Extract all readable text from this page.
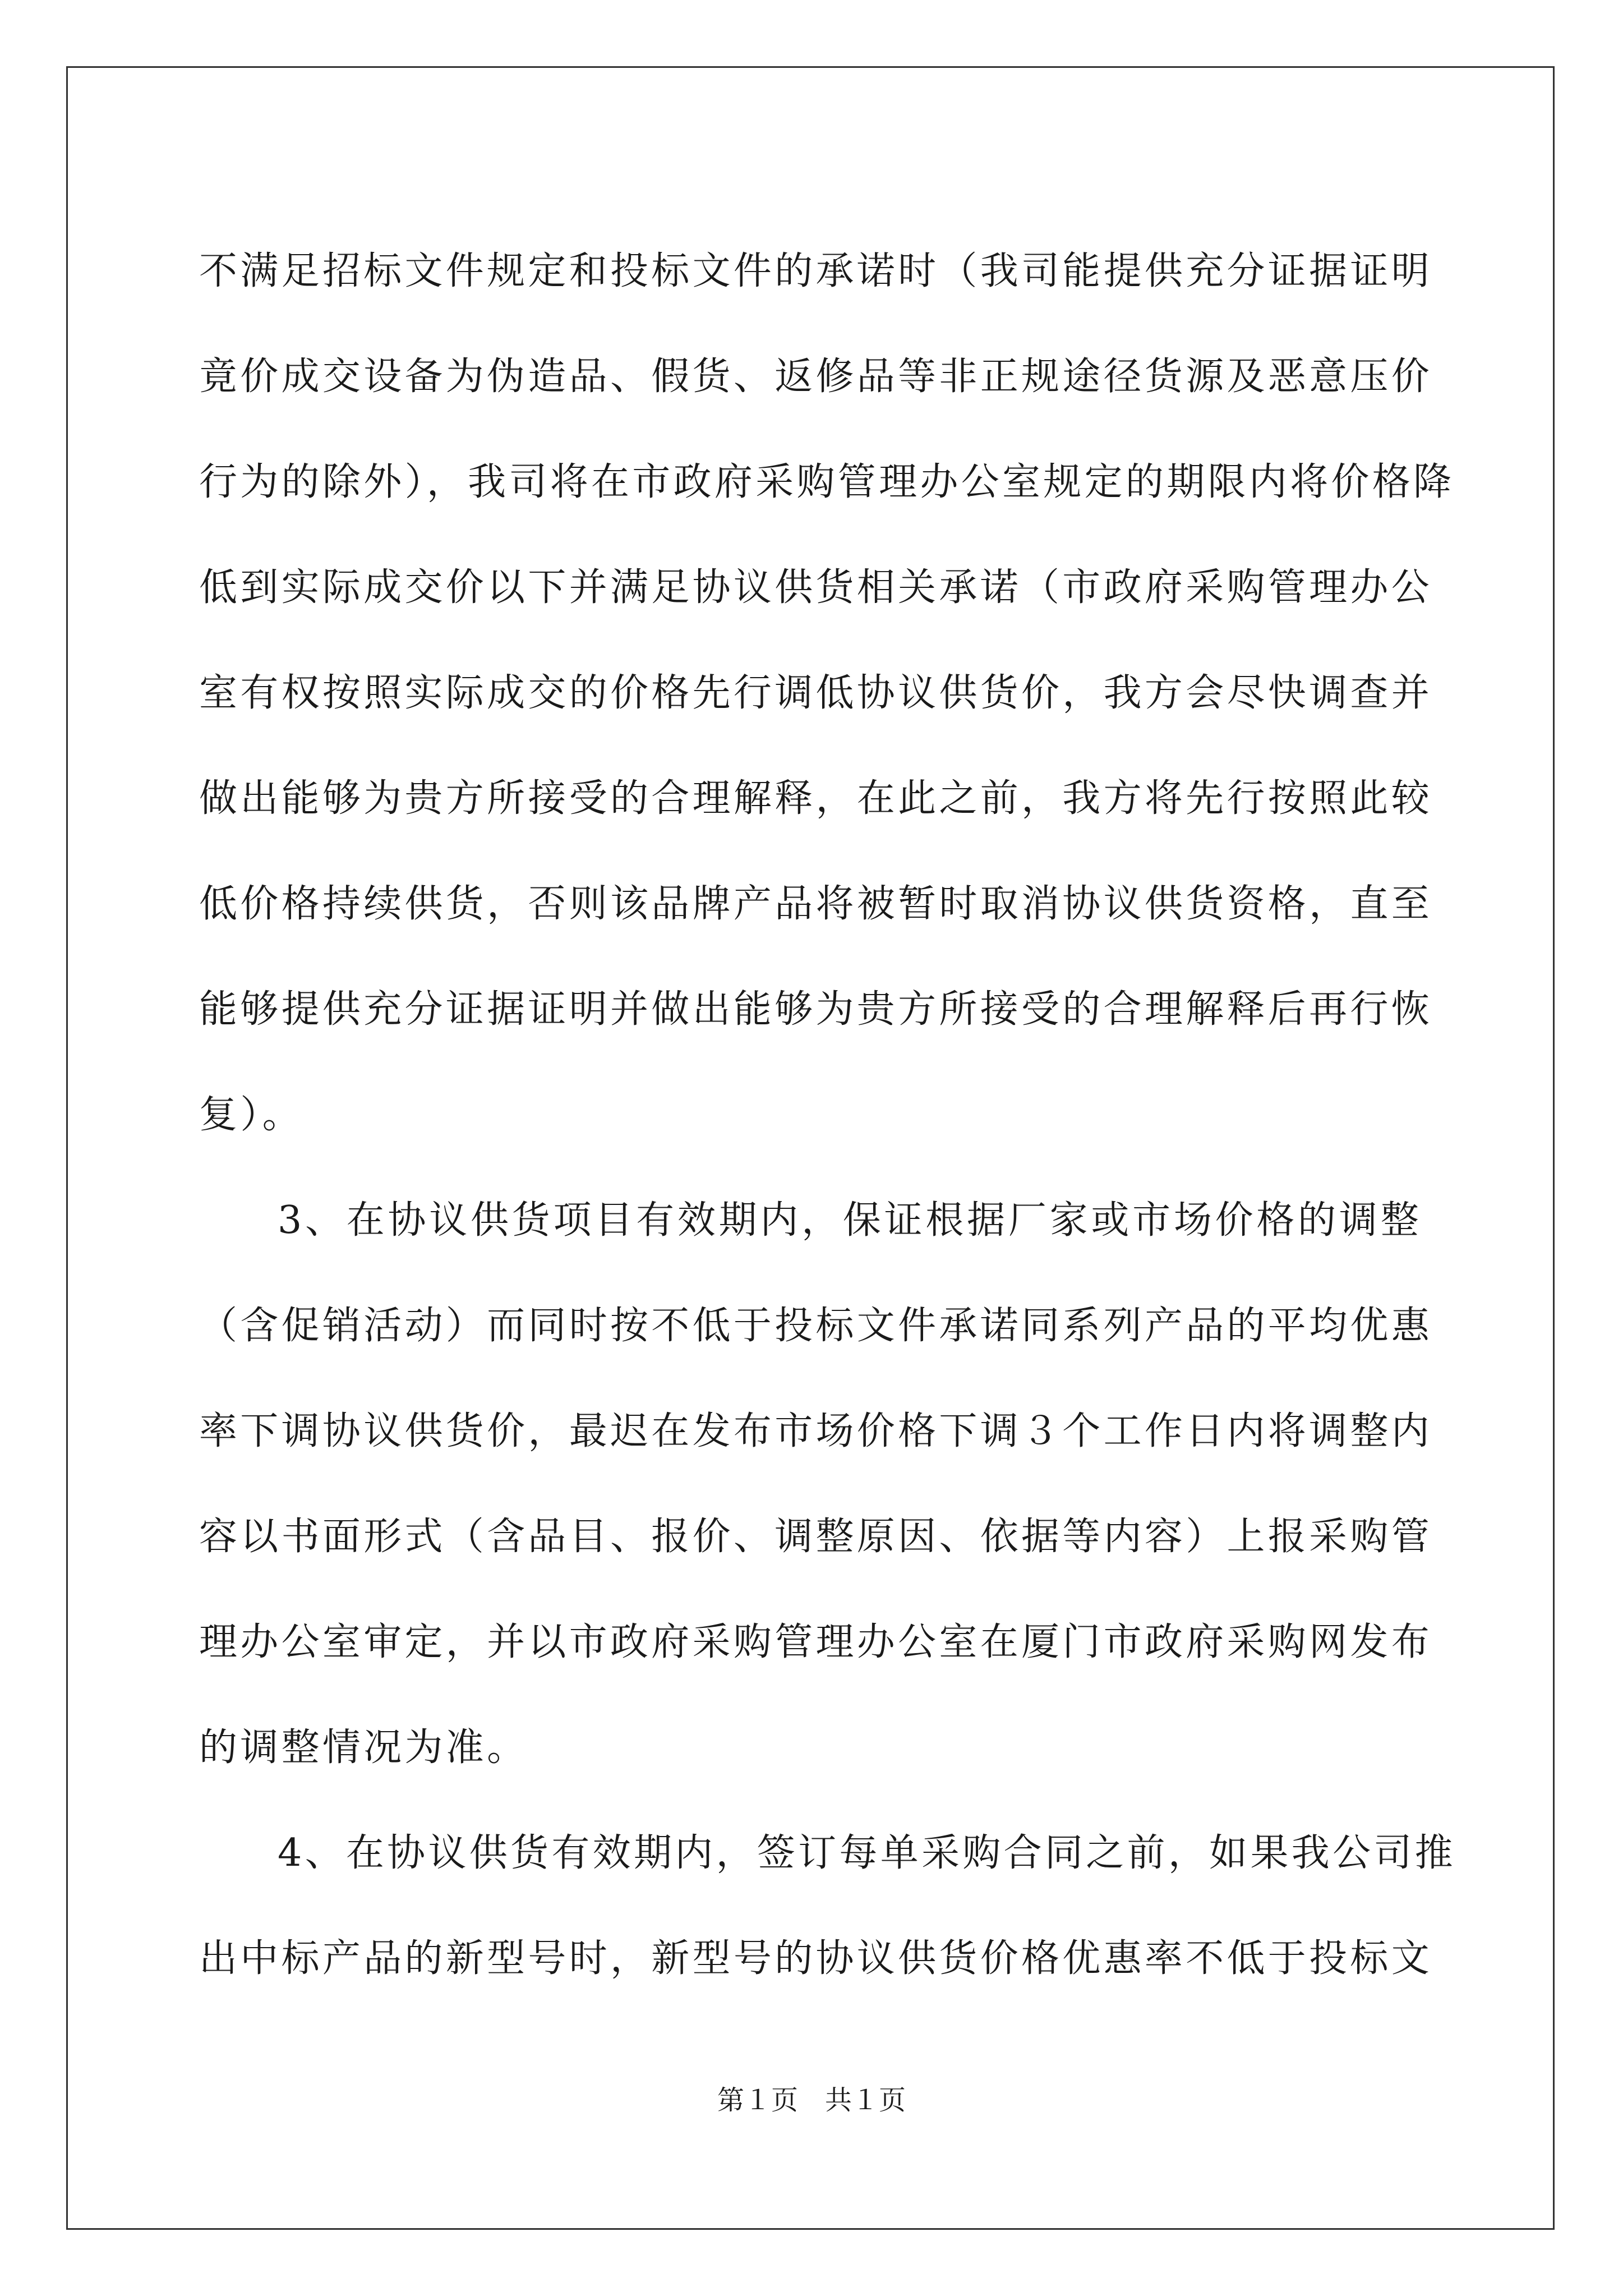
不满足招标文件规定和投标文件的承诺时（我司能提供充分证据证明
竟价成交设备为伪造品、假货、返修品等非正规途径货源及恶意压价
行为的除外），我司将在市政府采购管理办公室规定的期限内将价格降
低到实际成交价以下并满足协议供货相关承诺（市政府采购管理办公
室有权按照实际成交的价格先行调低协议供货价，我方会尽快调查并
做出能够为贵方所接受的合理解释，在此之前，我方将先行按照此较
低价格持续供货，否则该品牌产品将被暂时取消协议供货资格，直至
能够提供充分证据证明并做出能够为贵方所接受的合理解释后再行恢
复）。
3、在协议供货项目有效期内，保证根据厂家或市场价格的调整
（含促销活动）而同时按不低于投标文件承诺同系列产品的平均优惠
率下调协议供货价，最迟在发布市场价格下调３个工作日内将调整内
容以书面形式（含品目、报价、调整原因、依据等内容）上报采购管
理办公室审定，并以市政府采购管理办公室在厦门市政府采购网发布
的调整情况为准。
4、在协议供货有效期内，签订每单采购合同之前，如果我公司推
出中标产品的新型号时，新型号的协议供货价格优惠率不低于投标文
第１页 共１页
